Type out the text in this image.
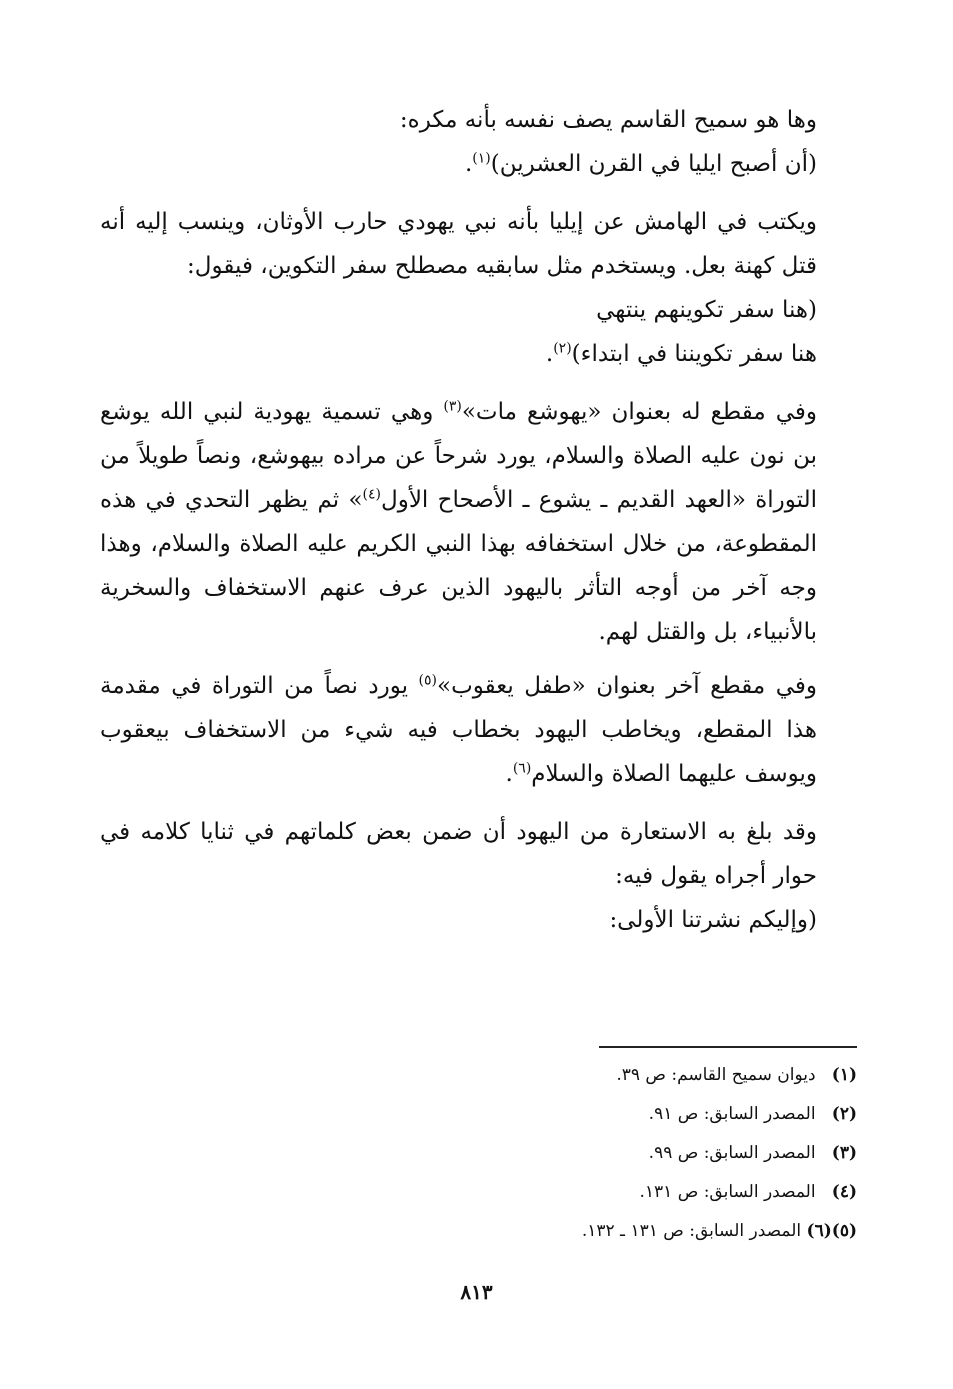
وها هو سميح القاسم يصف نفسه بأنه مكره:

(أن أصبح ايليا في القرن العشرين)$^{(١)}$.

ويكتب في الهامش عن إيليا بأنه نبي يهودي حارب الأوثان، وينسب إليه أنه قتل كهنة بعل. ويستخدم مثل سابقيه مصطلح سفر التكوين، فيقول:

(هنا سفر تكوينهم ينتهي

هنا سفر تكويننا في ابتداء)$^{(٢)}$.

وفي مقطع له بعنوان «يهوشع مات»$^{(٣)}$ وهي تسمية يهودية لنبي الله يوشع بن نون عليه الصلاة والسلام، يورد شرحاً عن مراده بيهوشع، ونصاً طويلاً من التوراة «العهد القديم ـ يشوع ـ الأصحاح الأول$^{(٤)}$» ثم يظهر التحدي في هذه المقطوعة، من خلال استخفافه بهذا النبي الكريم عليه الصلاة والسلام، وهذا وجه آخر من أوجه التأثر باليهود الذين عرف عنهم الاستخفاف والسخرية بالأنبياء، بل والقتل لهم.

وفي مقطع آخر بعنوان «طفل يعقوب»$^{(٥)}$ يورد نصاً من التوراة في مقدمة هذا المقطع، ويخاطب اليهود بخطاب فيه شيء من الاستخفاف بيعقوب ويوسف عليهما الصلاة والسلام$^{(٦)}$.

وقد بلغ به الاستعارة من اليهود أن ضمن بعض كلماتهم في ثنايا كلامه في حوار أجراه يقول فيه:

(وإليكم نشرتنا الأولى:

(١) ديوان سميح القاسم: ص ٣٩.
(٢) المصدر السابق: ص ٩١.
(٣) المصدر السابق: ص ٩٩.
(٤) المصدر السابق: ص ١٣١.
(٥)(٦) المصدر السابق: ص ١٣١ ـ ١٣٢.
٨١٣
